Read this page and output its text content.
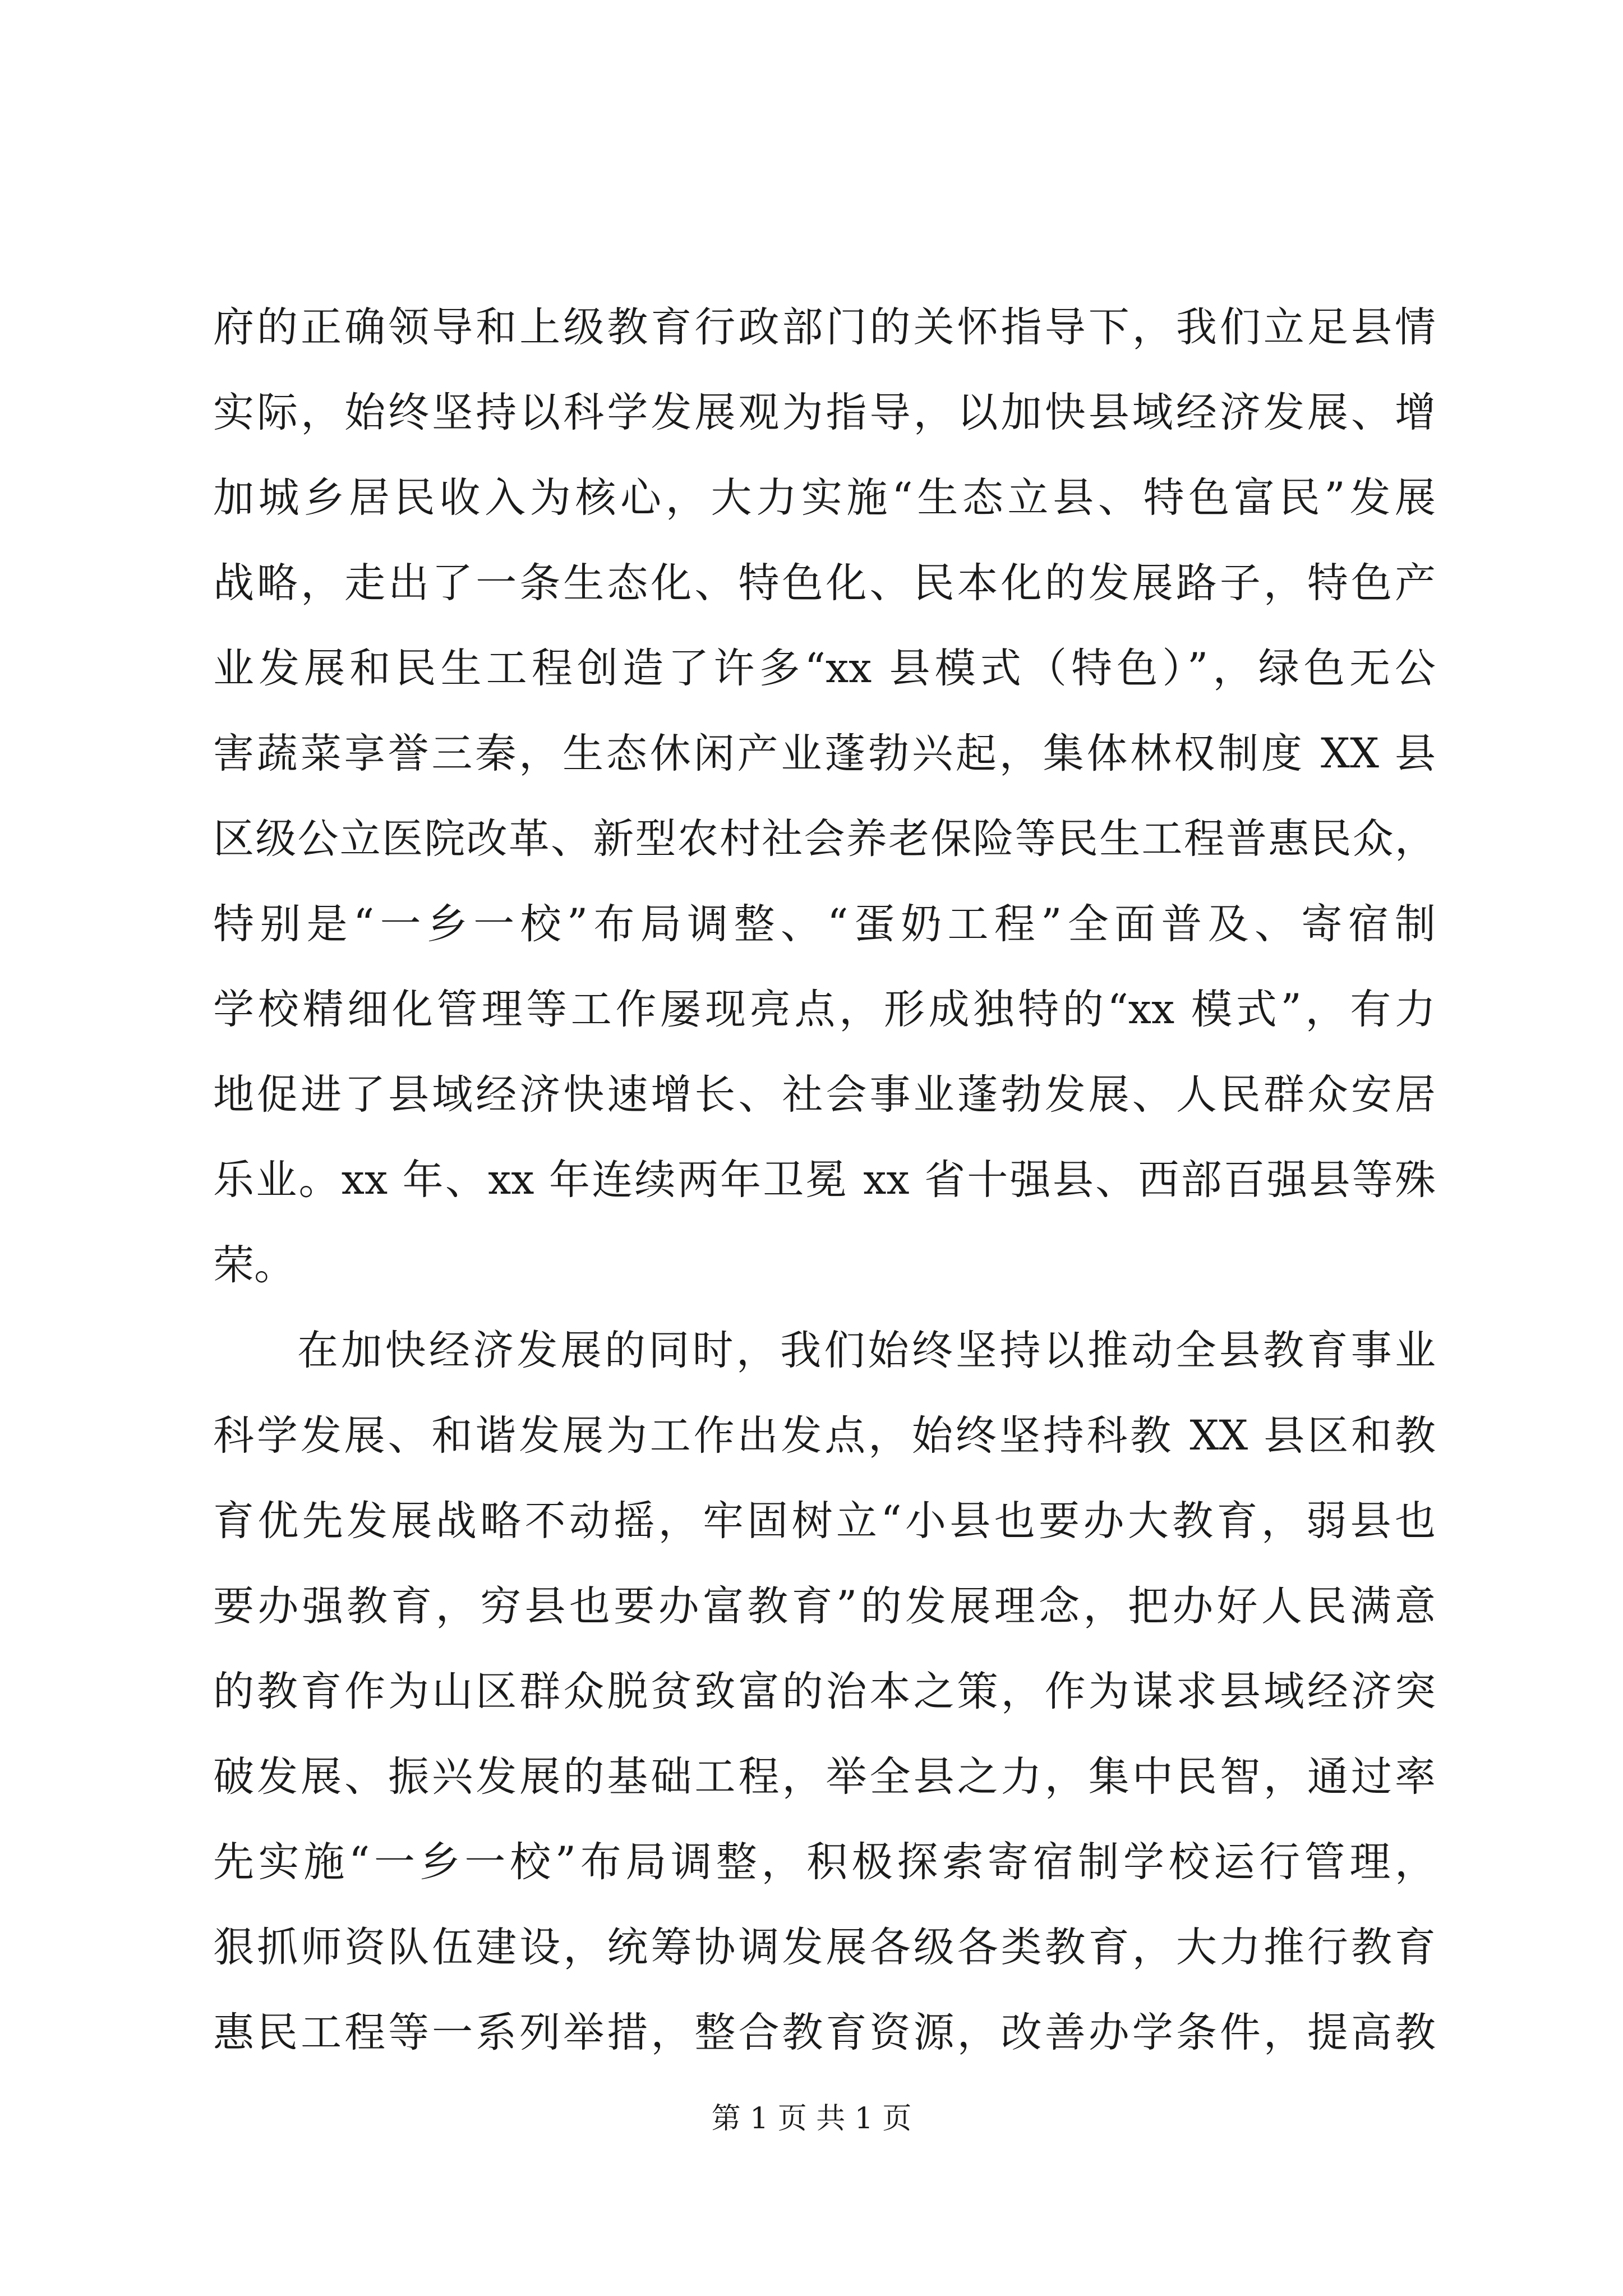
府的正确领导和上级教育行政部门的关怀指导下，我们立足县情
实际，始终坚持以科学发展观为指导，以加快县域经济发展、增
加城乡居民收入为核心，大力实施“生态立县、特色富民”发展
战略，走出了一条生态化、特色化、民本化的发展路子，特色产
业发展和民生工程创造了许多“xx 县模式（特色）”，绿色无公
害蔬菜享誉三秦，生态休闲产业蓬勃兴起，集体林权制度 XX 县
区级公立医院改革、新型农村社会养老保险等民生工程普惠民众，
特别是“一乡一校”布局调整、“蛋奶工程”全面普及、寄宿制
学校精细化管理等工作屡现亮点，形成独特的“xx 模式”，有力
地促进了县域经济快速增长、社会事业蓬勃发展、人民群众安居
乐业。xx 年、xx 年连续两年卫冕 xx 省十强县、西部百强县等殊
荣。
在加快经济发展的同时，我们始终坚持以推动全县教育事业
科学发展、和谐发展为工作出发点，始终坚持科教 XX 县区和教
育优先发展战略不动摇，牢固树立“小县也要办大教育，弱县也
要办强教育，穷县也要办富教育”的发展理念，把办好人民满意
的教育作为山区群众脱贫致富的治本之策，作为谋求县域经济突
破发展、振兴发展的基础工程，举全县之力，集中民智，通过率
先实施“一乡一校”布局调整，积极探索寄宿制学校运行管理，
狠抓师资队伍建设，统筹协调发展各级各类教育，大力推行教育
惠民工程等一系列举措，整合教育资源，改善办学条件，提高教
第 1 页 共 1 页
